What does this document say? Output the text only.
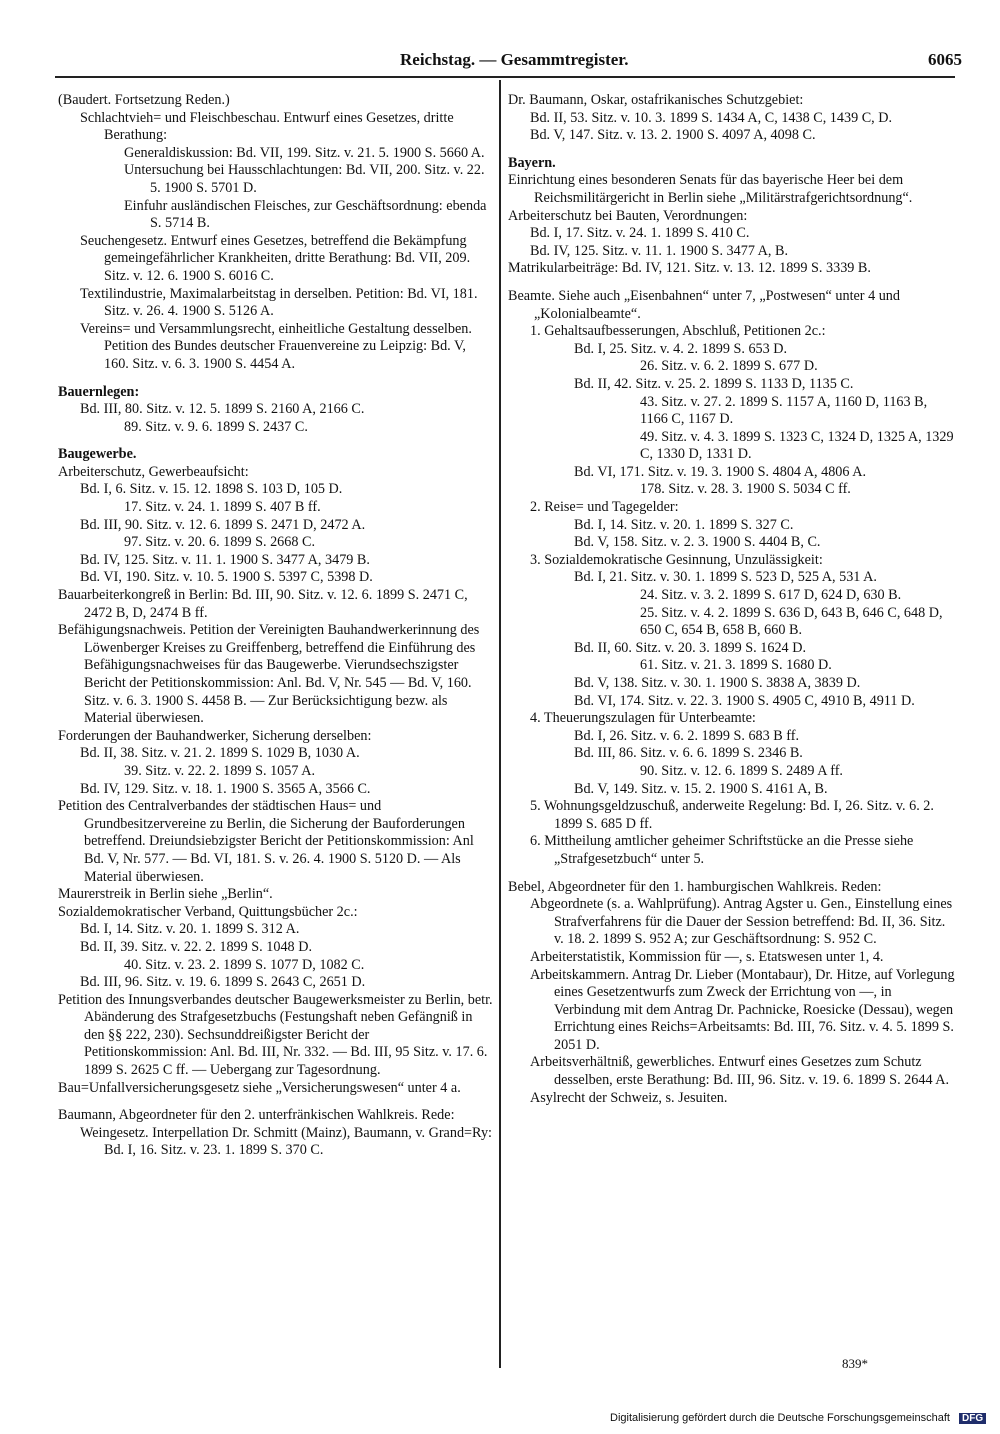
Reichstag. — Gesammtregister.	6065

(Baudert. Fortsetzung Reden.)

Schlachtvieh= und Fleischbeschau. Entwurf eines Gesetzes, dritte Berathung:

Generaldiskussion: Bd. VII, 199. Sitz. v. 21. 5. 1900 S. 5660 A.

Untersuchung bei Hausschlachtungen: Bd. VII, 200. Sitz. v. 22. 5. 1900 S. 5701 D.

Einfuhr ausländischen Fleisches, zur Geschäftsordnung: ebenda S. 5714 B.

Seuchengesetz. Entwurf eines Gesetzes, betreffend die Bekämpfung gemeingefährlicher Krankheiten, dritte Berathung: Bd. VII, 209. Sitz. v. 12. 6. 1900 S. 6016 C.

Textilindustrie, Maximalarbeitstag in derselben. Petition: Bd. VI, 181. Sitz. v. 26. 4. 1900 S. 5126 A.

Vereins= und Versammlungsrecht, einheitliche Gestaltung desselben. Petition des Bundes deutscher Frauenvereine zu Leipzig: Bd. V, 160. Sitz. v. 6. 3. 1900 S. 4454 A.

Bauernlegen:

Bd. III, 80. Sitz. v. 12. 5. 1899 S. 2160 A, 2166 C.

89. Sitz. v. 9. 6. 1899 S. 2437 C.

Baugewerbe.

Arbeiterschutz, Gewerbeaufsicht:

Bd. I, 6. Sitz. v. 15. 12. 1898 S. 103 D, 105 D.

17. Sitz. v. 24. 1. 1899 S. 407 B ff.

Bd. III, 90. Sitz. v. 12. 6. 1899 S. 2471 D, 2472 A.

97. Sitz. v. 20. 6. 1899 S. 2668 C.

Bd. IV, 125. Sitz. v. 11. 1. 1900 S. 3477 A, 3479 B.

Bd. VI, 190. Sitz. v. 10. 5. 1900 S. 5397 C, 5398 D.

Bauarbeiterkongreß in Berlin: Bd. III, 90. Sitz. v. 12. 6. 1899 S. 2471 C, 2472 B, D, 2474 B ff.

Befähigungsnachweis. Petition der Vereinigten Bauhandwerkerinnung des Löwenberger Kreises zu Greiffenberg, betreffend die Einführung des Befähigungsnachweises für das Baugewerbe. Vierundsechszigster Bericht der Petitionskommission: Anl. Bd. V, Nr. 545 — Bd. V, 160. Sitz. v. 6. 3. 1900 S. 4458 B. — Zur Berücksichtigung bezw. als Material überwiesen.

Forderungen der Bauhandwerker, Sicherung derselben:

Bd. II, 38. Sitz. v. 21. 2. 1899 S. 1029 B, 1030 A.

39. Sitz. v. 22. 2. 1899 S. 1057 A.

Bd. IV, 129. Sitz. v. 18. 1. 1900 S. 3565 A, 3566 C.

Petition des Centralverbandes der städtischen Haus= und Grundbesitzervereine zu Berlin, die Sicherung der Bauforderungen betreffend. Dreiundsiebzigster Bericht der Petitionskommission: Anl Bd. V, Nr. 577. — Bd. VI, 181. S. v. 26. 4. 1900 S. 5120 D. — Als Material überwiesen.

Maurerstreik in Berlin siehe „Berlin“.

Sozialdemokratischer Verband, Quittungsbücher 2c.:

Bd. I, 14. Sitz. v. 20. 1. 1899 S. 312 A.

Bd. II, 39. Sitz. v. 22. 2. 1899 S. 1048 D.

40. Sitz. v. 23. 2. 1899 S. 1077 D, 1082 C.

Bd. III, 96. Sitz. v. 19. 6. 1899 S. 2643 C, 2651 D.

Petition des Innungsverbandes deutscher Baugewerksmeister zu Berlin, betr. Abänderung des Strafgesetzbuchs (Festungshaft neben Gefängniß in den §§ 222, 230). Sechsunddreißigster Bericht der Petitionskommission: Anl. Bd. III, Nr. 332. — Bd. III, 95 Sitz. v. 17. 6. 1899 S. 2625 C ff. — Uebergang zur Tagesordnung.

Bau=Unfallversicherungsgesetz siehe „Versicherungswesen“ unter 4 a.

Baumann, Abgeordneter für den 2. unterfränkischen Wahlkreis. Rede:

Weingesetz. Interpellation Dr. Schmitt (Mainz), Baumann, v. Grand=Ry: Bd. I, 16. Sitz. v. 23. 1. 1899 S. 370 C.

Dr. Baumann, Oskar, ostafrikanisches Schutzgebiet:

Bd. II, 53. Sitz. v. 10. 3. 1899 S. 1434 A, C, 1438 C, 1439 C, D.

Bd. V, 147. Sitz. v. 13. 2. 1900 S. 4097 A, 4098 C.

Bayern.

Einrichtung eines besonderen Senats für das bayerische Heer bei dem Reichsmilitärgericht in Berlin siehe „Militärstrafgerichtsordnung“.

Arbeiterschutz bei Bauten, Verordnungen:

Bd. I, 17. Sitz. v. 24. 1. 1899 S. 410 C.

Bd. IV, 125. Sitz. v. 11. 1. 1900 S. 3477 A, B.

Matrikularbeiträge: Bd. IV, 121. Sitz. v. 13. 12. 1899 S. 3339 B.

Beamte. Siehe auch „Eisenbahnen“ unter 7, „Postwesen“ unter 4 und „Kolonialbeamte“.

1. Gehaltsaufbesserungen, Abschluß, Petitionen 2c.:

Bd. I, 25. Sitz. v. 4. 2. 1899 S. 653 D.

26. Sitz. v. 6. 2. 1899 S. 677 D.

Bd. II, 42. Sitz. v. 25. 2. 1899 S. 1133 D, 1135 C.

43. Sitz. v. 27. 2. 1899 S. 1157 A, 1160 D, 1163 B, 1166 C, 1167 D.

49. Sitz. v. 4. 3. 1899 S. 1323 C, 1324 D, 1325 A, 1329 C, 1330 D, 1331 D.

Bd. VI, 171. Sitz. v. 19. 3. 1900 S. 4804 A, 4806 A.

178. Sitz. v. 28. 3. 1900 S. 5034 C ff.

2. Reise= und Tagegelder:

Bd. I, 14. Sitz. v. 20. 1. 1899 S. 327 C.

Bd. V, 158. Sitz. v. 2. 3. 1900 S. 4404 B, C.

3. Sozialdemokratische Gesinnung, Unzulässigkeit:

Bd. I, 21. Sitz. v. 30. 1. 1899 S. 523 D, 525 A, 531 A.

24. Sitz. v. 3. 2. 1899 S. 617 D, 624 D, 630 B.

25. Sitz. v. 4. 2. 1899 S. 636 D, 643 B, 646 C, 648 D, 650 C, 654 B, 658 B, 660 B.

Bd. II, 60. Sitz. v. 20. 3. 1899 S. 1624 D.

61. Sitz. v. 21. 3. 1899 S. 1680 D.

Bd. V, 138. Sitz. v. 30. 1. 1900 S. 3838 A, 3839 D.

Bd. VI, 174. Sitz. v. 22. 3. 1900 S. 4905 C, 4910 B, 4911 D.

4. Theuerungszulagen für Unterbeamte:

Bd. I, 26. Sitz. v. 6. 2. 1899 S. 683 B ff.

Bd. III, 86. Sitz. v. 6. 6. 1899 S. 2346 B.

90. Sitz. v. 12. 6. 1899 S. 2489 A ff.

Bd. V, 149. Sitz. v. 15. 2. 1900 S. 4161 A, B.

5. Wohnungsgeldzuschuß, anderweite Regelung: Bd. I, 26. Sitz. v. 6. 2. 1899 S. 685 D ff.

6. Mittheilung amtlicher geheimer Schriftstücke an die Presse siehe „Strafgesetzbuch“ unter 5.

Bebel, Abgeordneter für den 1. hamburgischen Wahlkreis. Reden:

Abgeordnete (s. a. Wahlprüfung). Antrag Agster u. Gen., Einstellung eines Strafverfahrens für die Dauer der Session betreffend: Bd. II, 36. Sitz. v. 18. 2. 1899 S. 952 A; zur Geschäftsordnung: S. 952 C.

Arbeiterstatistik, Kommission für —, s. Etatswesen unter 1, 4.

Arbeitskammern. Antrag Dr. Lieber (Montabaur), Dr. Hitze, auf Vorlegung eines Gesetzentwurfs zum Zweck der Errichtung von —, in Verbindung mit dem Antrag Dr. Pachnicke, Roesicke (Dessau), wegen Errichtung eines Reichs=Arbeitsamts: Bd. III, 76. Sitz. v. 4. 5. 1899 S. 2051 D.

Arbeitsverhältniß, gewerbliches. Entwurf eines Gesetzes zum Schutz desselben, erste Berathung: Bd. III, 96. Sitz. v. 19. 6. 1899 S. 2644 A.

Asylrecht der Schweiz, s. Jesuiten.

839*
Digitalisierung gefördert durch die Deutsche Forschungsgemeinschaft DFG
